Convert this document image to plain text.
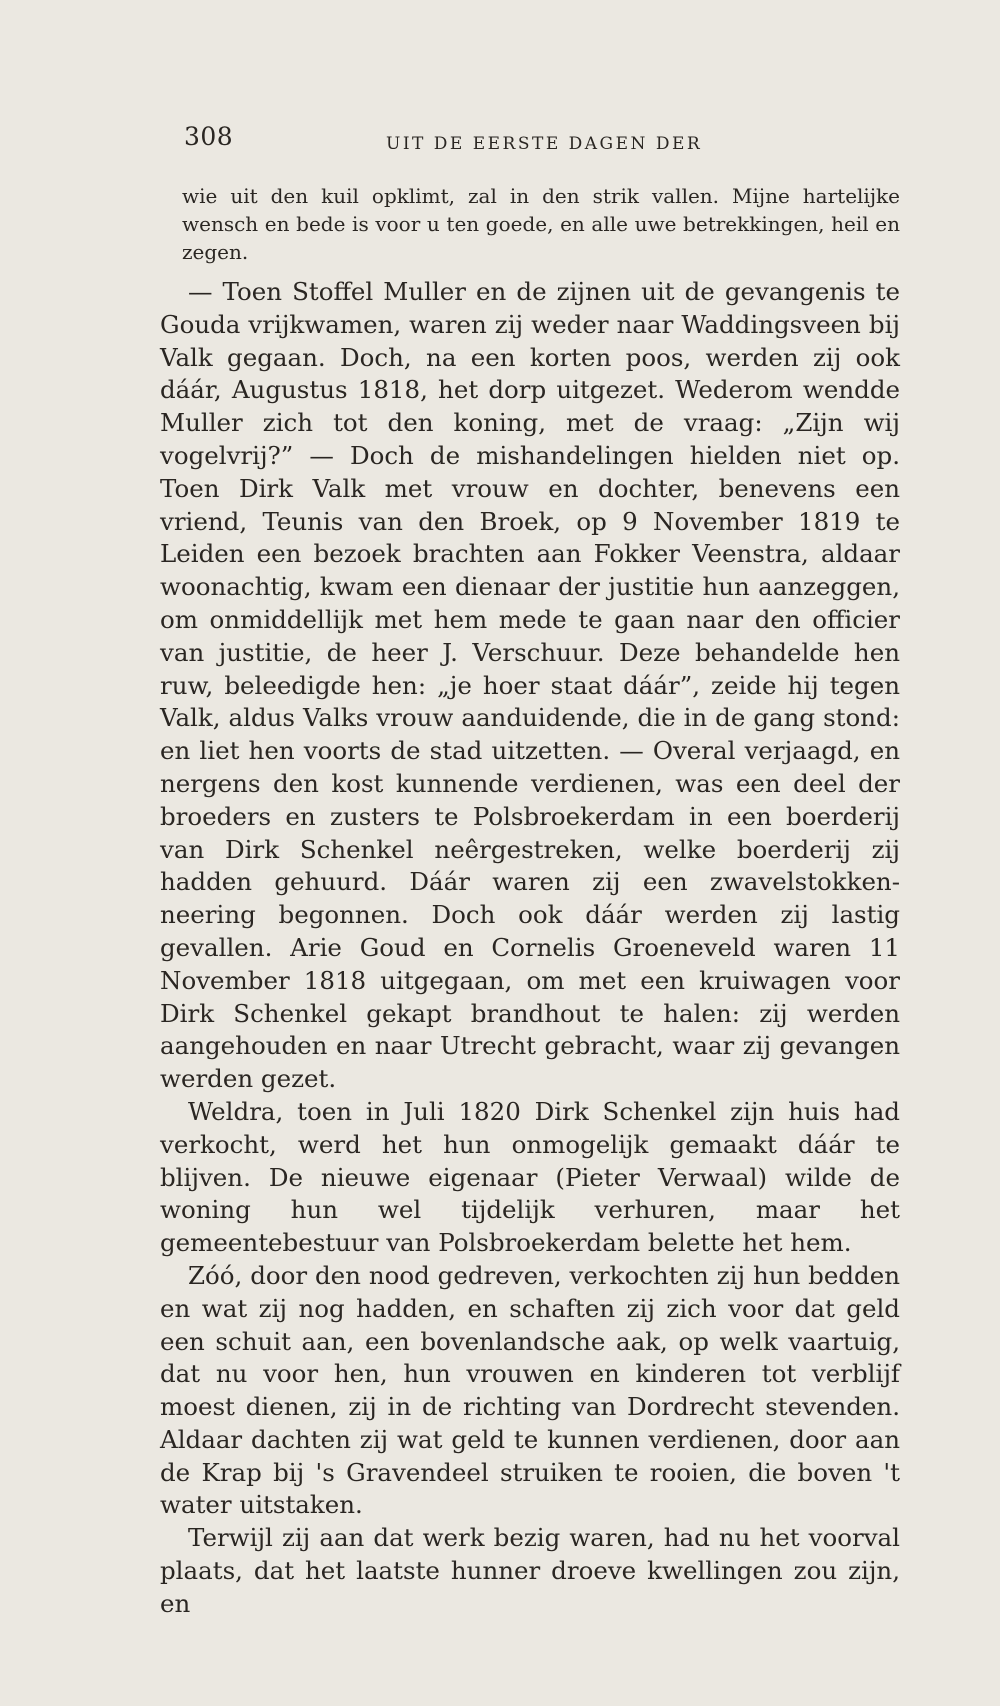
308	UIT DE EERSTE DAGEN DER

wie uit den kuil opklimt, zal in den strik vallen. Mijne hartelijke wensch en bede is voor u ten goede, en alle uwe betrekkingen, heil en zegen.

— Toen Stoffel Muller en de zijnen uit de gevangenis te Gouda vrijkwamen, waren zij weder naar Waddingsveen bij Valk gegaan. Doch, na een korten poos, werden zij ook dáár, Augustus 1818, het dorp uitgezet. Wederom wendde Muller zich tot den koning, met de vraag: „Zijn wij vogelvrij?” — Doch de mishandelingen hielden niet op. Toen Dirk Valk met vrouw en dochter, benevens een vriend, Teunis van den Broek, op 9 November 1819 te Leiden een bezoek brachten aan Fokker Veenstra, aldaar woonachtig, kwam een dienaar der justitie hun aanzeggen, om onmiddellijk met hem mede te gaan naar den officier van justitie, de heer J. Verschuur. Deze behandelde hen ruw, beleedigde hen: „je hoer staat dáár”, zeide hij tegen Valk, aldus Valks vrouw aanduidende, die in de gang stond: en liet hen voorts de stad uitzetten. — Overal verjaagd, en nergens den kost kunnende verdienen, was een deel der broeders en zusters te Polsbroekerdam in een boerderij van Dirk Schenkel neêrgestreken, welke boerderij zij hadden gehuurd. Dáár waren zij een zwavelstokken-neering begonnen. Doch ook dáár werden zij lastig gevallen. Arie Goud en Cornelis Groeneveld waren 11 November 1818 uitgegaan, om met een kruiwagen voor Dirk Schenkel gekapt brandhout te halen: zij werden aangehouden en naar Utrecht gebracht, waar zij gevangen werden gezet.

Weldra, toen in Juli 1820 Dirk Schenkel zijn huis had verkocht, werd het hun onmogelijk gemaakt dáár te blijven. De nieuwe eigenaar (Pieter Verwaal) wilde de woning hun wel tijdelijk verhuren, maar het gemeentebestuur van Polsbroekerdam belette het hem.

Zóó, door den nood gedreven, verkochten zij hun bedden en wat zij nog hadden, en schaften zij zich voor dat geld een schuit aan, een bovenlandsche aak, op welk vaartuig, dat nu voor hen, hun vrouwen en kinderen tot verblijf moest dienen, zij in de richting van Dordrecht stevenden. Aldaar dachten zij wat geld te kunnen verdienen, door aan de Krap bij 's Gravendeel struiken te rooien, die boven 't water uitstaken.

Terwijl zij aan dat werk bezig waren, had nu het voorval plaats, dat het laatste hunner droeve kwellingen zou zijn, en
